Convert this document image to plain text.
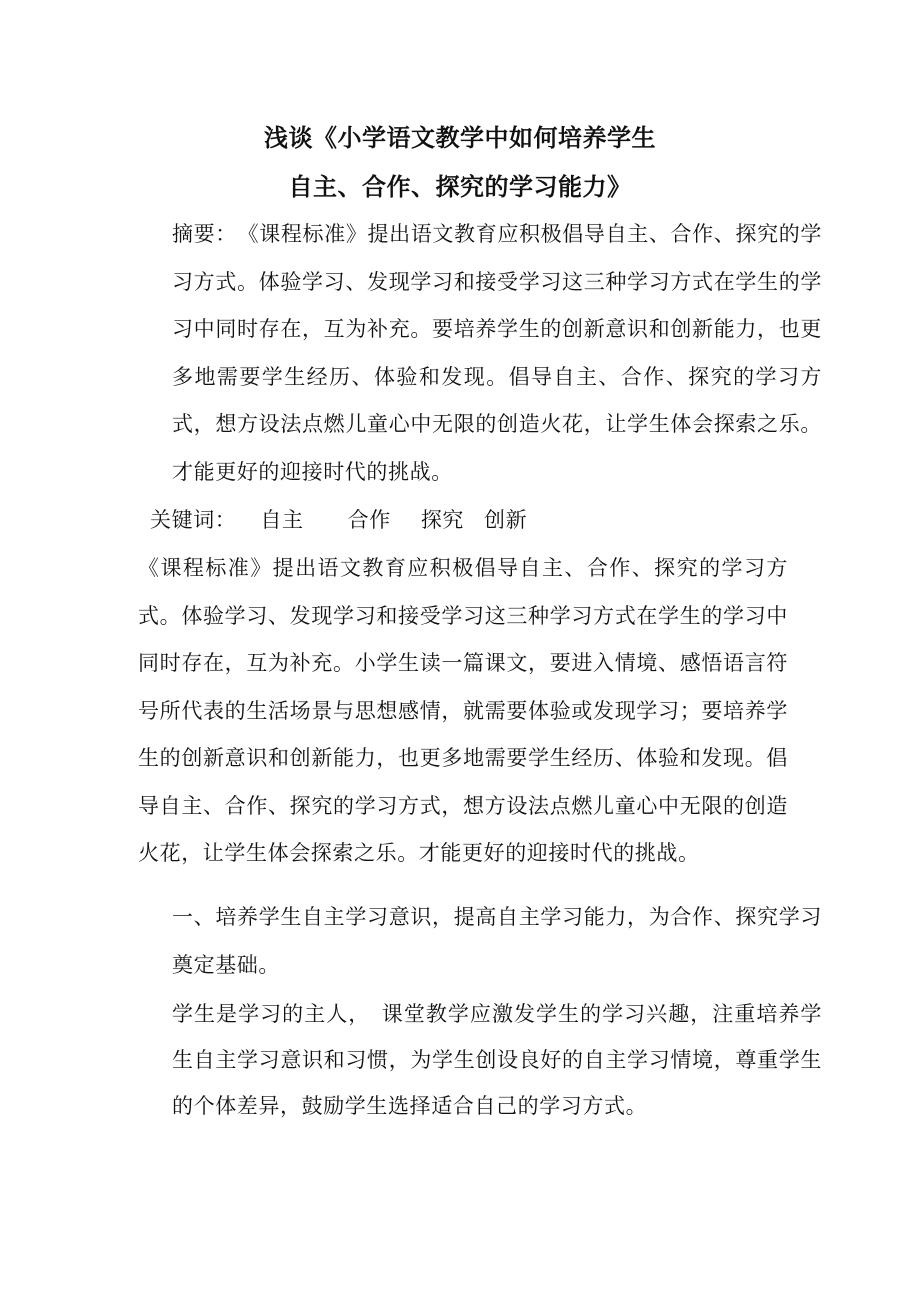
浅谈《小学语文教学中如何培养学生
自主、合作、探究的学习能力》

摘要：　《课程标准》提出语文教育应积极倡导自主、合作、探究的学习方式。体验学习、发现学习和接受学习这三种学习方式在学生的学习中同时存在，互为补充。要培养学生的创新意识和创新能力，也更多地需要学生经历、体验和发现。倡导自主、合作、探究的学习方式，想方设法点燃儿童心中无限的创造火花，让学生体会探索之乐。才能更好的迎接时代的挑战。

关键词： 自主 合作 探究 创新

《课程标准》提出语文教育应积极倡导自主、合作、探究的学习方式。体验学习、发现学习和接受学习这三种学习方式在学生的学习中同时存在，互为补充。小学生读一篇课文，要进入情境、感悟语言符号所代表的生活场景与思想感情，就需要体验或发现学习；要培养学生的创新意识和创新能力，也更多地需要学生经历、体验和发现。倡导自主、合作、探究的学习方式，想方设法点燃儿童心中无限的创造火花，让学生体会探索之乐。才能更好的迎接时代的挑战。

一、培养学生自主学习意识，提高自主学习能力，为合作、探究学习奠定基础。

学生是学习的主人，　课堂教学应激发学生的学习兴趣，注重培养学生自主学习意识和习惯，为学生创设良好的自主学习情境，尊重学生的个体差异，鼓励学生选择适合自己的学习方式。
